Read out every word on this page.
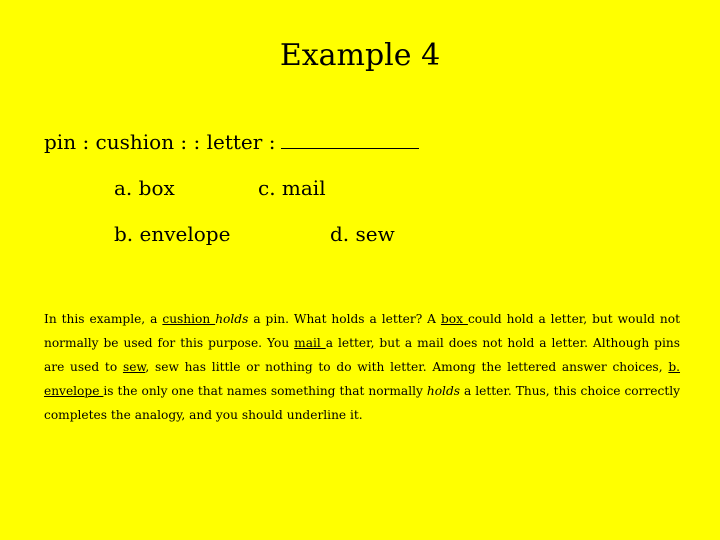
Example 4
pin : cushion : : letter :
a. box	c. mail
b. envelope	d. sew
In this example, a cushion holds a pin. What holds a letter? A box could hold a letter, but would not normally be used for this purpose. You mail a letter, but a mail does not hold a letter. Although pins are used to sew, sew has little or nothing to do with letter. Among the lettered answer choices, b. envelope is the only one that names something that normally holds a letter. Thus, this choice correctly completes the analogy, and you should underline it.
